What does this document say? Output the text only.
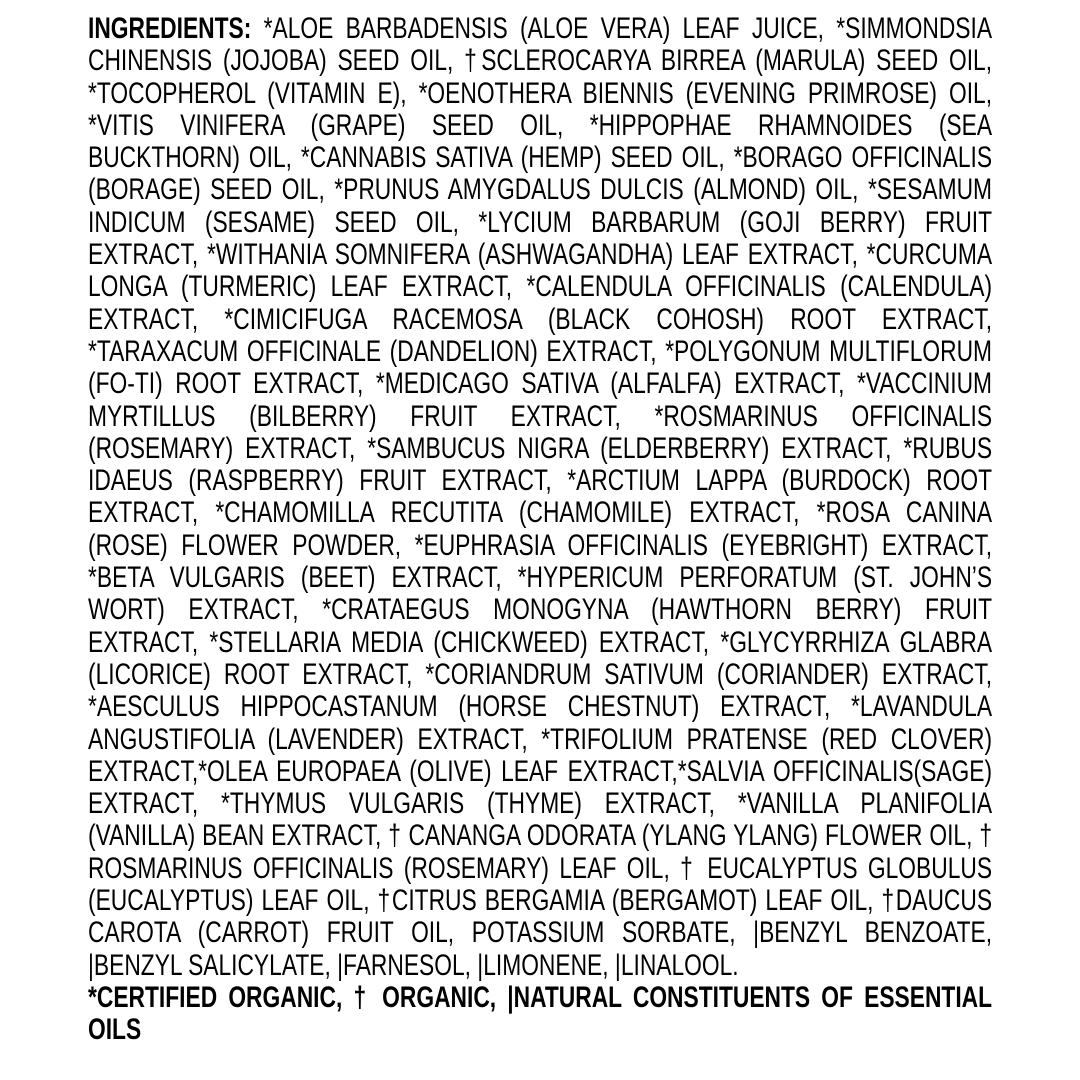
INGREDIENTS: *ALOE BARBADENSIS (ALOE VERA) LEAF JUICE, *SIMMONDSIA CHINENSIS (JOJOBA) SEED OIL, †SCLEROCARYA BIRREA (MARULA) SEED OIL, *TOCOPHEROL (VITAMIN E), *OENOTHERA BIENNIS (EVENING PRIMROSE) OIL, *VITIS VINIFERA (GRAPE) SEED OIL, *HIPPOPHAE RHAMNOIDES (SEA BUCKTHORN) OIL, *CANNABIS SATIVA (HEMP) SEED OIL, *BORAGO OFFICINALIS (BORAGE) SEED OIL, *PRUNUS AMYGDALUS DULCIS (ALMOND) OIL, *SESAMUM INDICUM (SESAME) SEED OIL, *LYCIUM BARBARUM (GOJI BERRY) FRUIT EXTRACT, *WITHANIA SOMNIFERA (ASHWAGANDHA) LEAF EXTRACT, *CURCUMA LONGA (TURMERIC) LEAF EXTRACT, *CALENDULA OFFICINALIS (CALENDULA) EXTRACT, *CIMICIFUGA RACEMOSA (BLACK COHOSH) ROOT EXTRACT, *TARAXACUM OFFICINALE (DANDELION) EXTRACT, *POLYGONUM MULTIFLORUM (FO-TI) ROOT EXTRACT, *MEDICAGO SATIVA (ALFALFA) EXTRACT, *VACCINIUM MYRTILLUS (BILBERRY) FRUIT EXTRACT, *ROSMARINUS OFFICINALIS (ROSEMARY) EXTRACT, *SAMBUCUS NIGRA (ELDERBERRY) EXTRACT, *RUBUS IDAEUS (RASPBERRY) FRUIT EXTRACT, *ARCTIUM LAPPA (BURDOCK) ROOT EXTRACT, *CHAMOMILLA RECUTITA (CHAMOMILE) EXTRACT, *ROSA CANINA (ROSE) FLOWER POWDER, *EUPHRASIA OFFICINALIS (EYEBRIGHT) EXTRACT, *BETA VULGARIS (BEET) EXTRACT, *HYPERICUM PERFORATUM (ST. JOHN’S WORT) EXTRACT, *CRATAEGUS MONOGYNA (HAWTHORN BERRY) FRUIT EXTRACT, *STELLARIA MEDIA (CHICKWEED) EXTRACT, *GLYCYRRHIZA GLABRA (LICORICE) ROOT EXTRACT, *CORIANDRUM SATIVUM (CORIANDER) EXTRACT, *AESCULUS HIPPOCASTANUM (HORSE CHESTNUT) EXTRACT, *LAVANDULA ANGUSTIFOLIA (LAVENDER) EXTRACT, *TRIFOLIUM PRATENSE (RED CLOVER) EXTRACT,*OLEA EUROPAEA (OLIVE) LEAF EXTRACT,*SALVIA OFFICINALIS(SAGE) EXTRACT, *THYMUS VULGARIS (THYME) EXTRACT, *VANILLA PLANIFOLIA (VANILLA) BEAN EXTRACT, † CANANGA ODORATA (YLANG YLANG) FLOWER OIL, † ROSMARINUS OFFICINALIS (ROSEMARY) LEAF OIL, † EUCALYPTUS GLOBULUS (EUCALYPTUS) LEAF OIL, †CITRUS BERGAMIA (BERGAMOT) LEAF OIL, †DAUCUS CAROTA (CARROT) FRUIT OIL, POTASSIUM SORBATE, |BENZYL BENZOATE, |BENZYL SALICYLATE, |FARNESOL, |LIMONENE, |LINALOOL.

*CERTIFIED ORGANIC, † ORGANIC, |NATURAL CONSTITUENTS OF ESSENTIAL OILS
